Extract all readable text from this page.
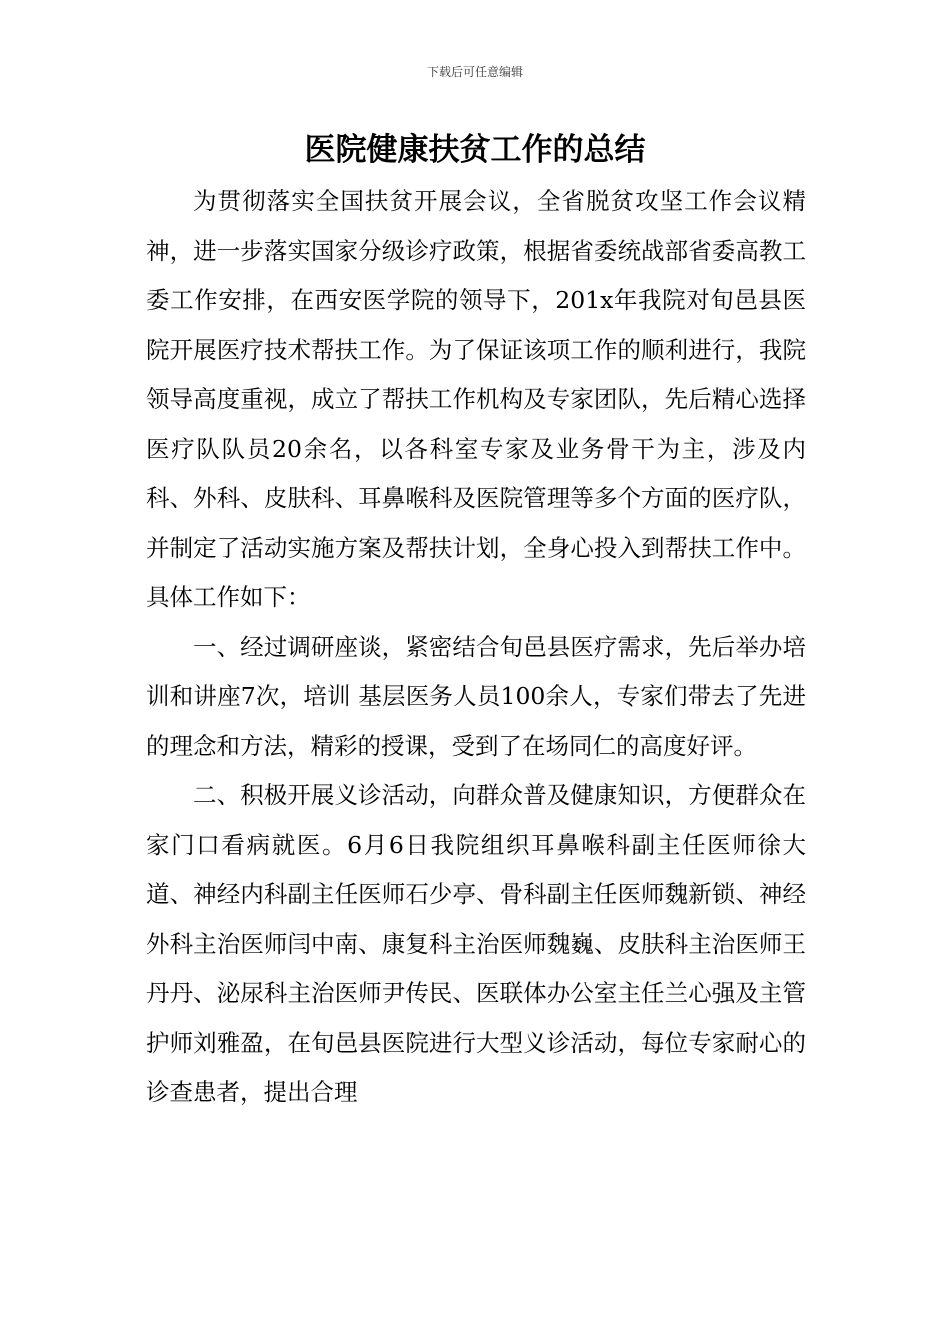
下载后可任意编辑
医院健康扶贫工作的总结

为贯彻落实全国扶贫开展会议，全省脱贫攻坚工作会议精神，进一步落实国家分级诊疗政策，根据省委统战部省委高教工委工作安排，在西安医学院的领导下，201x年我院对旬邑县医院开展医疗技术帮扶工作。为了保证该项工作的顺利进行，我院领导高度重视，成立了帮扶工作机构及专家团队，先后精心选择医疗队队员20余名，以各科室专家及业务骨干为主，涉及内科、外科、皮肤科、耳鼻喉科及医院管理等多个方面的医疗队，并制定了活动实施方案及帮扶计划，全身心投入到帮扶工作中。具体工作如下：

一、经过调研座谈，紧密结合旬邑县医疗需求，先后举办培训和讲座7次，培训 基层医务人员100余人，专家们带去了先进的理念和方法，精彩的授课，受到了在场同仁的高度好评。

二、积极开展义诊活动，向群众普及健康知识，方便群众在家门口看病就医。6月6日我院组织耳鼻喉科副主任医师徐大道、神经内科副主任医师石少亭、骨科副主任医师魏新锁、神经外科主治医师闫中南、康复科主治医师魏巍、皮肤科主治医师王丹丹、泌尿科主治医师尹传民、医联体办公室主任兰心强及主管护师刘雅盈，在旬邑县医院进行大型义诊活动，每位专家耐心的诊查患者，提出合理
